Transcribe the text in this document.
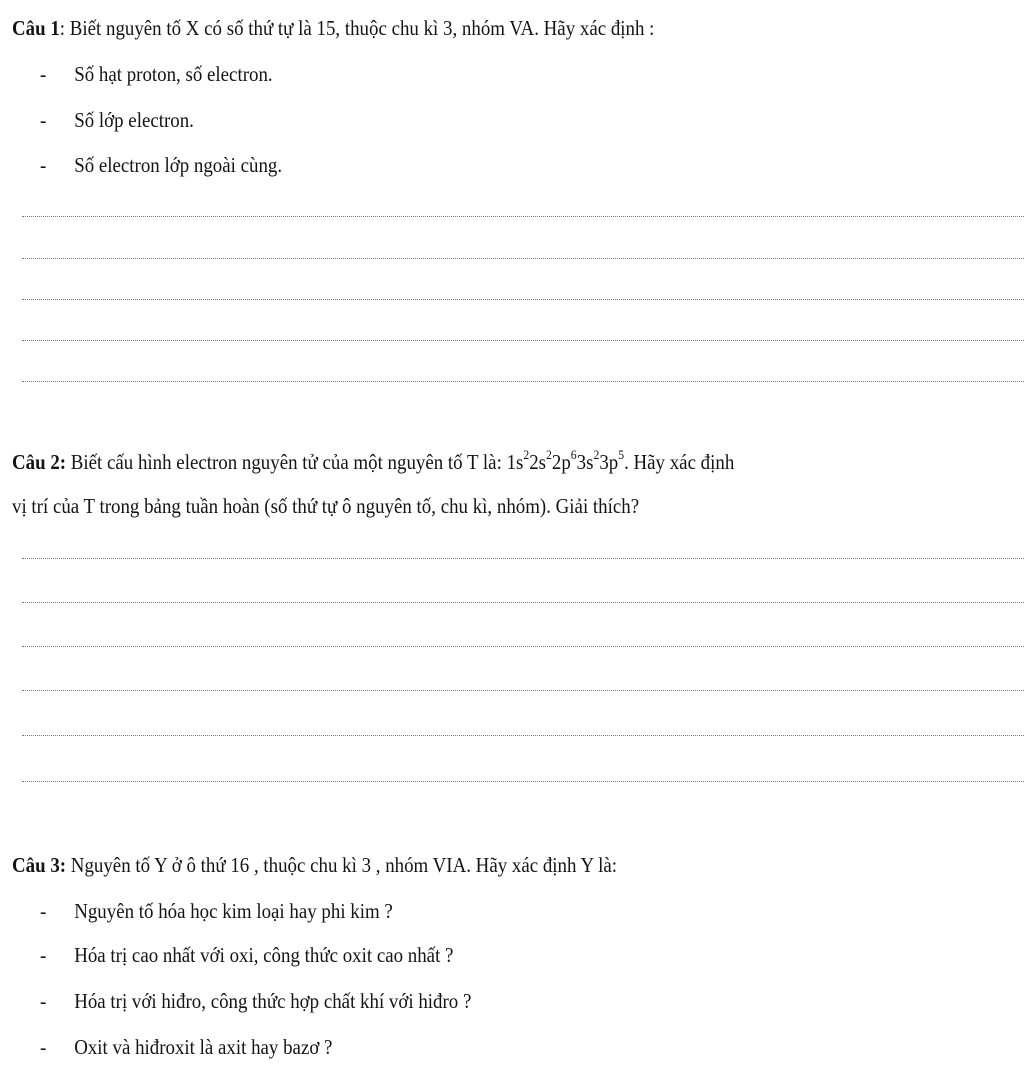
Câu 1: Biết nguyên tố X có số thứ tự là 15, thuộc chu kì 3, nhóm VA. Hãy xác định :
- Số hạt proton, số electron.
- Số lớp electron.
- Số electron lớp ngoài cùng.
Câu 2: Biết cấu hình electron nguyên tử của một nguyên tố T là: $1s^22s^22p^63s^23p^5$. Hãy xác định
vị trí của T trong bảng tuần hoàn (số thứ tự ô nguyên tố, chu kì, nhóm). Giải thích?
Câu 3: Nguyên tố Y ở ô thứ 16 , thuộc chu kì 3 , nhóm VIA. Hãy xác định Y là:
- Nguyên tố hóa học kim loại hay phi kim ?
- Hóa trị cao nhất với oxi, công thức oxit cao nhất ?
- Hóa trị với hiđro, công thức hợp chất khí với hiđro ?
- Oxit và hiđroxit là axit hay bazơ ?
